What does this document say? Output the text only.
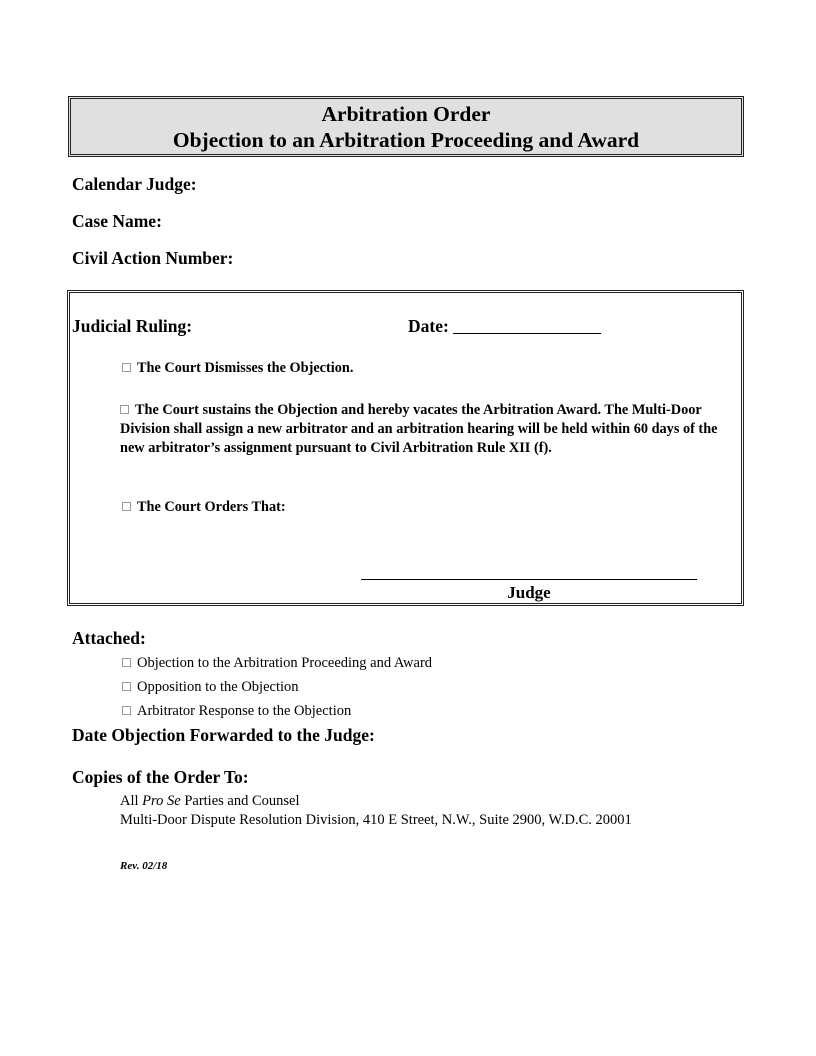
Arbitration Order
Objection to an Arbitration Proceeding and Award
Calendar Judge:
Case Name:
Civil Action Number:
Judicial Ruling:	Date:
The Court Dismisses the Objection.
The Court sustains the Objection and hereby vacates the Arbitration Award. The Multi-Door Division shall assign a new arbitrator and an arbitration hearing will be held within 60 days of the new arbitrator’s assignment pursuant to Civil Arbitration Rule XII (f).
The Court Orders That:
Judge
Attached:
Objection to the Arbitration Proceeding and Award
Opposition to the Objection
Arbitrator Response to the Objection
Date Objection Forwarded to the Judge:
Copies of the Order To:
All Pro Se Parties and Counsel
Multi-Door Dispute Resolution Division, 410 E Street, N.W., Suite 2900, W.D.C. 20001
Rev. 02/18
